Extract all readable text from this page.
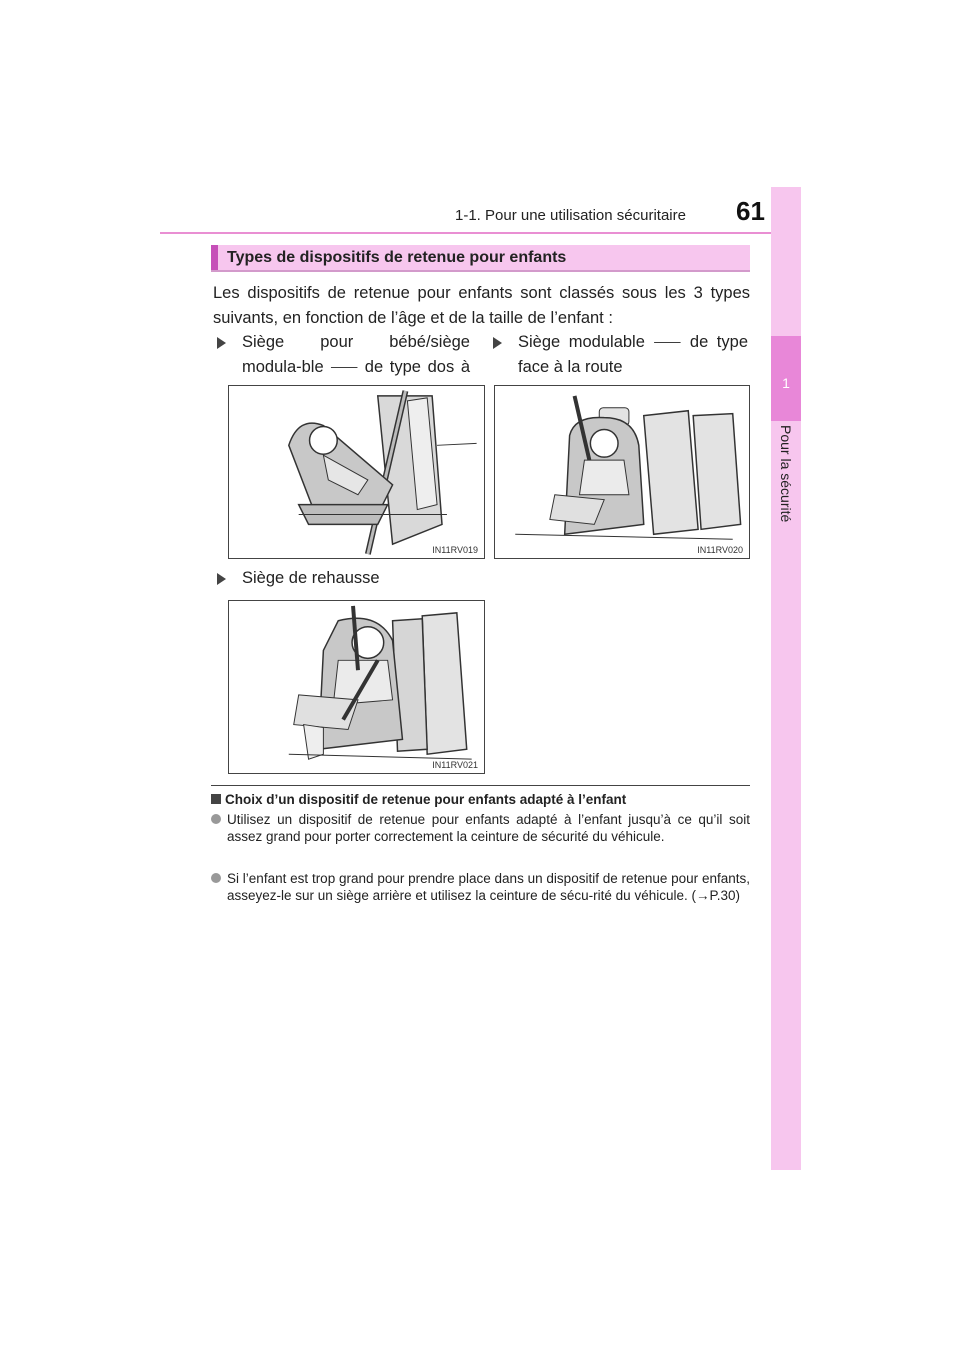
1-1. Pour une utilisation sécuritaire 61
1
Pour la sécurité
Types de dispositifs de retenue pour enfants
Les dispositifs de retenue pour enfants sont classés sous les 3 types suivants, en fonction de l’âge et de la taille de l’enfant :
Siège pour bébé/siège modula-ble ⸺ de type dos à
Siège modulable ⸺ de type face à la route
IN11RV019	IN11RV020
Siège de rehausse
IN11RV021
Choix d’un dispositif de retenue pour enfants adapté à l’enfant
Utilisez un dispositif de retenue pour enfants adapté à l’enfant jusqu’à ce qu’il soit assez grand pour porter correctement la ceinture de sécurité du véhicule.
Si l’enfant est trop grand pour prendre place dans un dispositif de retenue pour enfants, asseyez-le sur un siège arrière et utilisez la ceinture de sécu-rité du véhicule. (→P.30)
